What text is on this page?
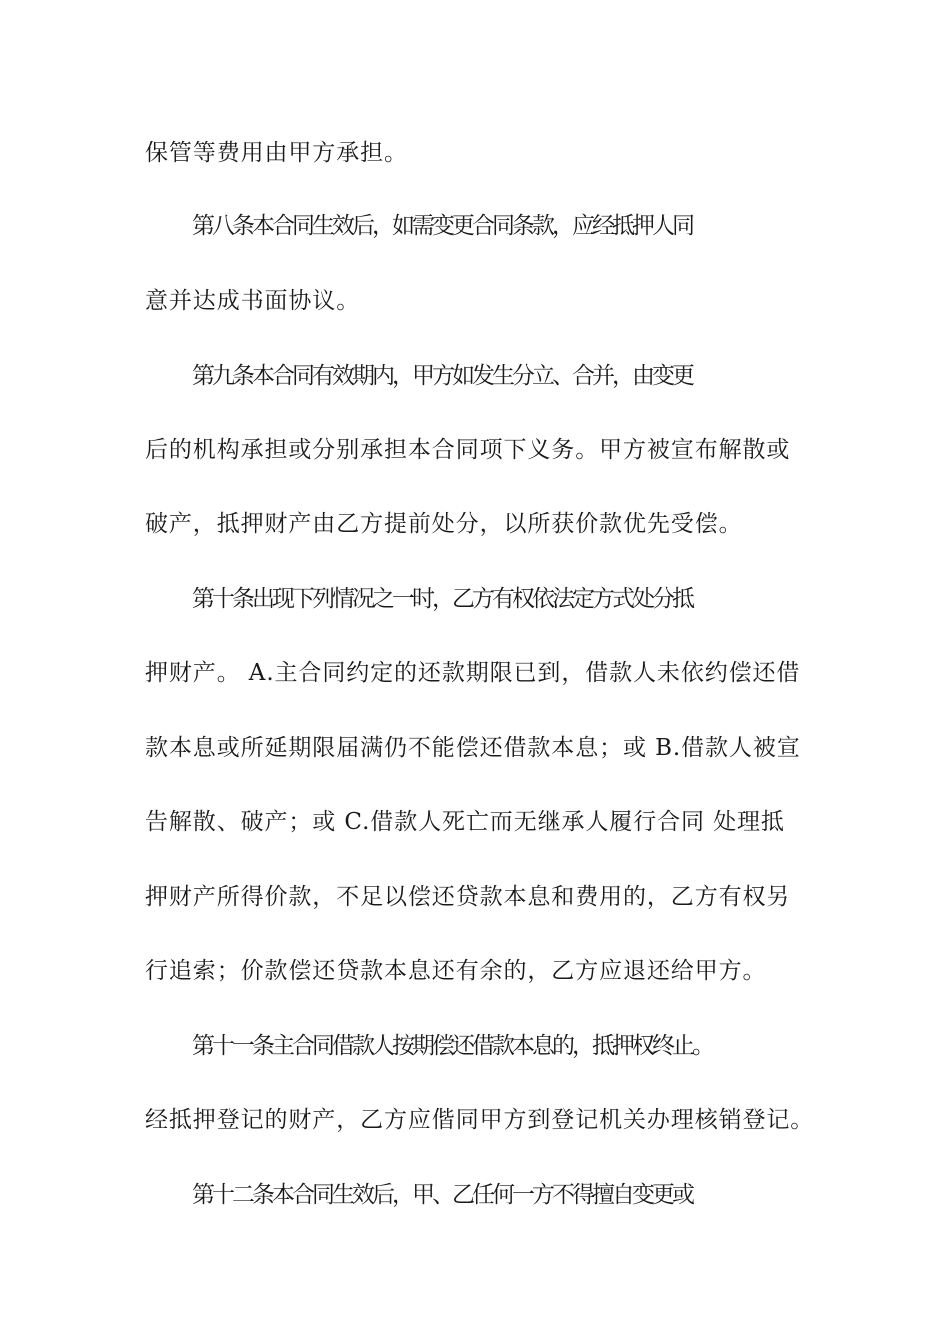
保管等费用由甲方承担。

第八条本合同生效后，如需变更合同条款，应经抵押人同

意并达成书面协议。

第九条本合同有效期内，甲方如发生分立、合并，由变更

后的机构承担或分别承担本合同项下义务。甲方被宣布解散或

破产，抵押财产由乙方提前处分，以所获价款优先受偿。

第十条出现下列情况之一时，乙方有权依法定方式处分抵

押财产。 A.主合同约定的还款期限已到，借款人未依约偿还借

款本息或所延期限届满仍不能偿还借款本息；或 B.借款人被宣

告解散、破产；或 C.借款人死亡而无继承人履行合同 处理抵

押财产所得价款，不足以偿还贷款本息和费用的，乙方有权另

行追索；价款偿还贷款本息还有余的，乙方应退还给甲方。

第十一条主合同借款人按期偿还借款本息的，抵押权终止。

经抵押登记的财产，乙方应偕同甲方到登记机关办理核销登记。

第十二条本合同生效后，甲、乙任何一方不得擅自变更或
